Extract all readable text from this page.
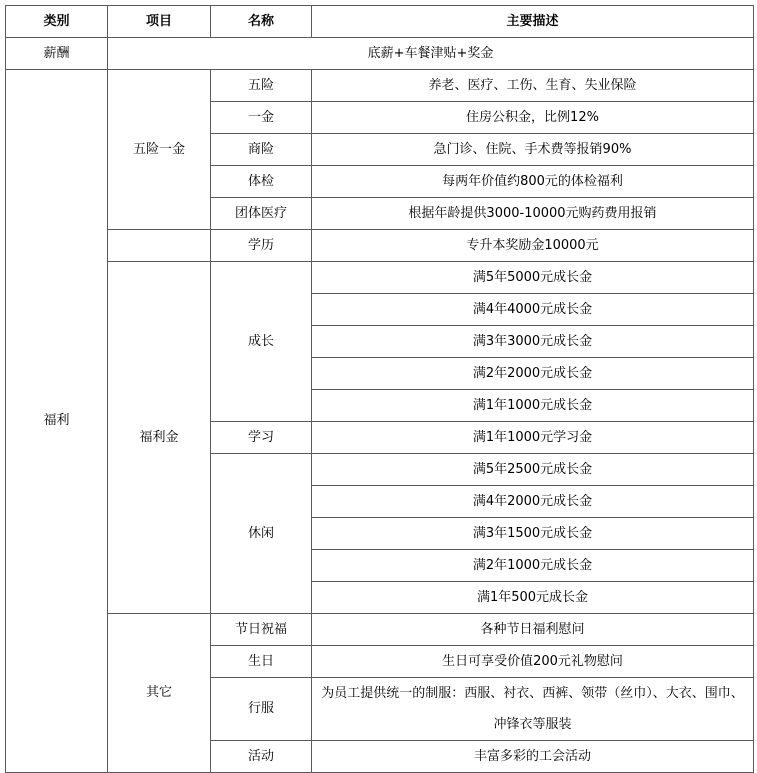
类别	项目	名称	主要描述
薪酬	底薪+车餐津贴+奖金		
福利	五险一金	五险	养老、医疗、工伤、生育、失业保险
		一金	住房公积金，比例12%
		商险	急门诊、住院、手术费等报销90%
		体检	每两年价值约800元的体检福利
		团体医疗	根据年龄提供3000-10000元购药费用报销
		学历	专升本奖励金10000元
	福利金	成长	满5年5000元成长金
			满4年4000元成长金
			满3年3000元成长金
			满2年2000元成长金
			满1年1000元成长金
		学习	满1年1000元学习金
		休闲	满5年2500元成长金
			满4年2000元成长金
			满3年1500元成长金
			满2年1000元成长金
			满1年500元成长金
	其它	节日祝福	各种节日福利慰问
		生日	生日可享受价值200元礼物慰问
		行服	为员工提供统一的制服：西服、衬衣、西裤、领带（丝巾）、大衣、围巾、冲锋衣等服装
		活动	丰富多彩的工会活动
